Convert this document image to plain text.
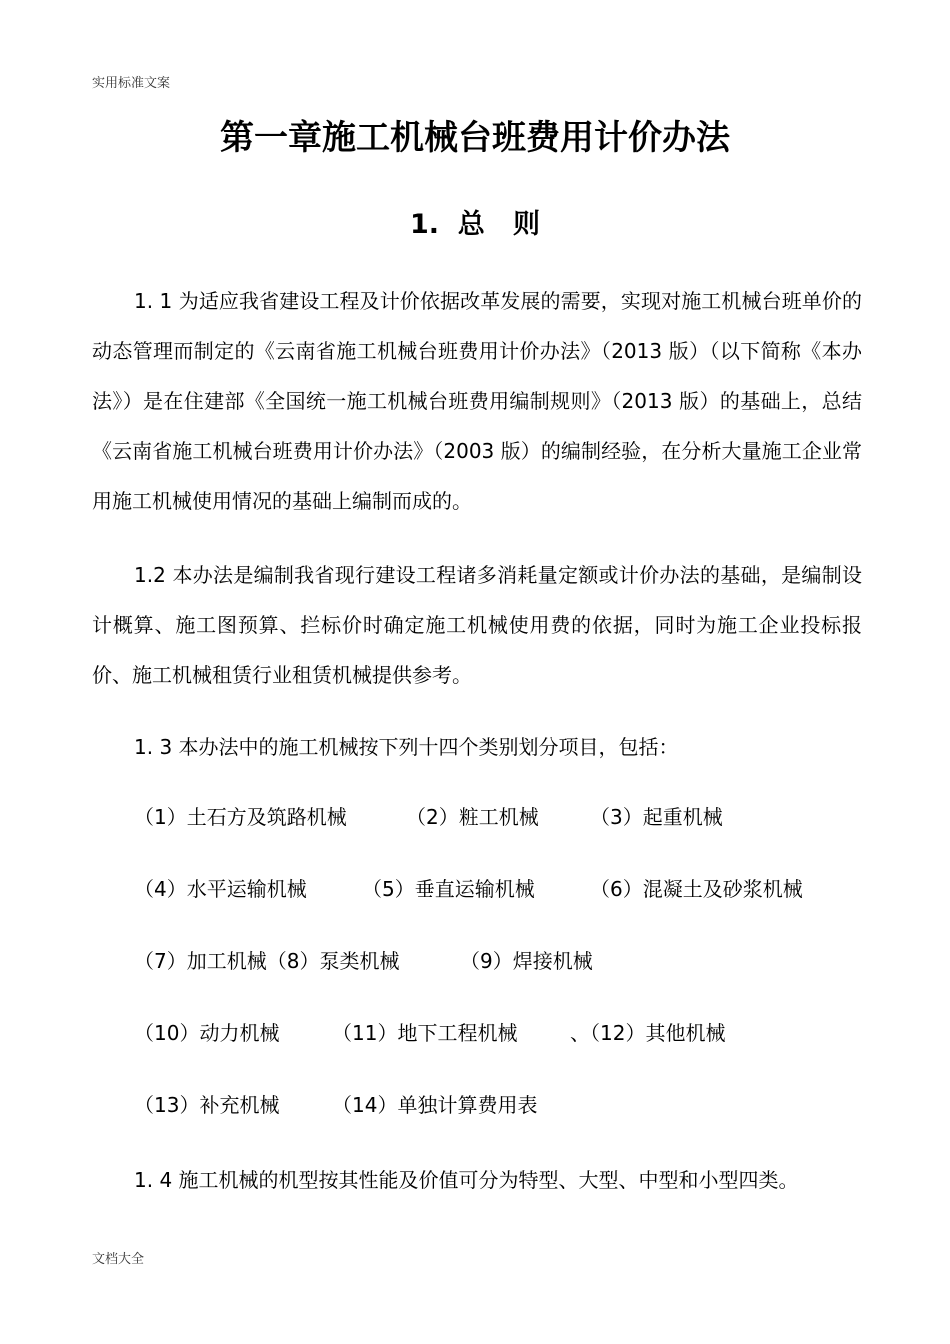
实用标准文案
第一章施工机械台班费用计价办法
1.  总   则

1. 1 为适应我省建设工程及计价依据改革发展的需要，实现对施工机械台班单价的动态管理而制定的《云南省施工机械台班费用计价办法》（2013 版）（以下简称《本办法》）是在住建部《全国统一施工机械台班费用编制规则》（2013 版）的基础上，总结《云南省施工机械台班费用计价办法》（2003 版）的编制经验，在分析大量施工企业常用施工机械使用情况的基础上编制而成的。

1.2 本办法是编制我省现行建设工程诸多消耗量定额或计价办法的基础，是编制设计概算、施工图预算、拦标价时确定施工机械使用费的依据，同时为施工企业投标报价、施工机械租赁行业租赁机械提供参考。

1. 3 本办法中的施工机械按下列十四个类别划分项目，包括：

（1）土石方及筑路机械	（2）粧工机械	（3）起重机械
（4）水平运输机械	（5）垂直运输机械	（6）混凝土及砂浆机械
（7）加工机械（8）泵类机械	（9）焊接机械
（10）动力机械	（11）地下工程机械	、（12）其他机械
（13）补充机械	（14）单独计算费用表

1. 4 施工机械的机型按其性能及价值可分为特型、大型、中型和小型四类。

文档大全
